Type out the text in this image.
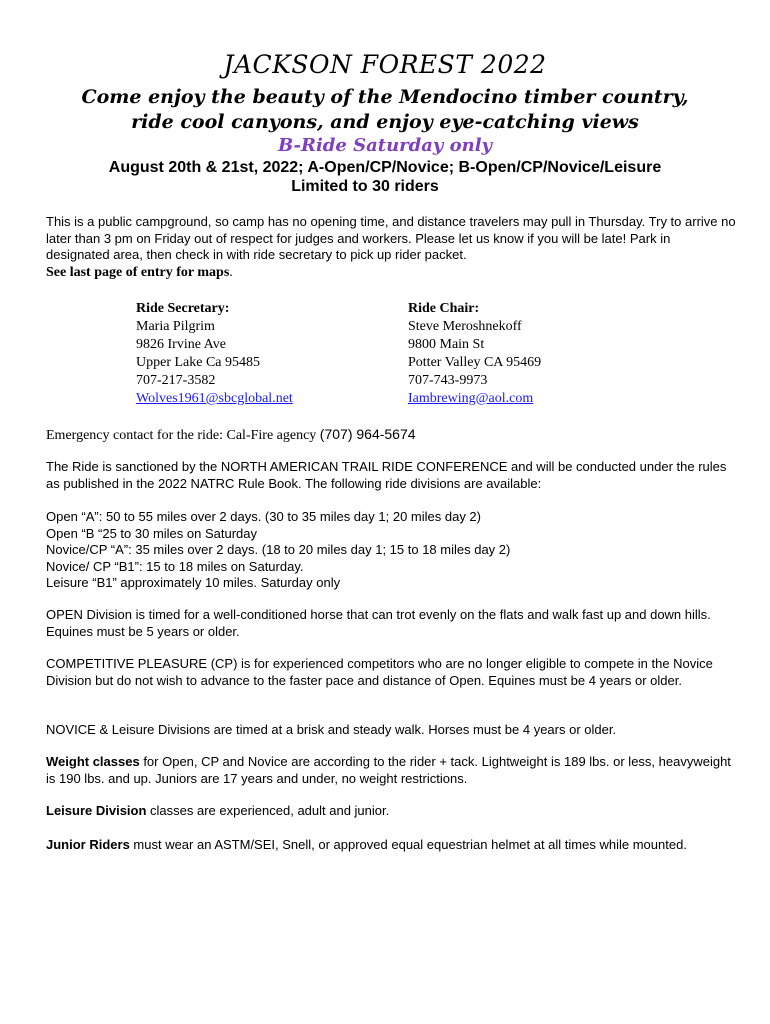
JACKSON FOREST 2022
Come enjoy the beauty of the Mendocino timber country, ride cool canyons, and enjoy eye-catching views
B-Ride Saturday only
August 20th & 21st, 2022; A-Open/CP/Novice; B-Open/CP/Novice/Leisure
Limited to 30 riders
This is a public campground, so camp has no opening time, and distance travelers may pull in Thursday. Try to arrive no later than 3 pm on Friday out of respect for judges and workers. Please let us know if you will be late! Park in designated area, then check in with ride secretary to pick up rider packet.
See last page of entry for maps.
Ride Secretary:
Maria Pilgrim
9826 Irvine Ave
Upper Lake Ca 95485
707-217-3582
Wolves1961@sbcglobal.net
Ride Chair:
Steve Meroshnekoff
9800 Main St
Potter Valley CA 95469
707-743-9973
Iambrewing@aol.com
Emergency contact for the ride: Cal-Fire agency (707) 964-5674
The Ride is sanctioned by the NORTH AMERICAN TRAIL RIDE CONFERENCE and will be conducted under the rules as published in the 2022 NATRC Rule Book. The following ride divisions are available:
Open “A”: 50 to 55 miles over 2 days. (30 to 35 miles day 1; 20 miles day 2)
Open “B “25 to 30 miles on Saturday
Novice/CP “A”: 35 miles over 2 days. (18 to 20 miles day 1; 15 to 18 miles day 2)
Novice/ CP “B1”: 15 to 18 miles on Saturday.
Leisure “B1” approximately 10 miles. Saturday only
OPEN Division is timed for a well-conditioned horse that can trot evenly on the flats and walk fast up and down hills. Equines must be 5 years or older.
COMPETITIVE PLEASURE (CP) is for experienced competitors who are no longer eligible to compete in the Novice Division but do not wish to advance to the faster pace and distance of Open. Equines must be 4 years or older.
NOVICE & Leisure Divisions are timed at a brisk and steady walk. Horses must be 4 years or older.
Weight classes for Open, CP and Novice are according to the rider + tack. Lightweight is 189 lbs. or less, heavyweight is 190 lbs. and up. Juniors are 17 years and under, no weight restrictions.
Leisure Division classes are experienced, adult and junior.
Junior Riders must wear an ASTM/SEI, Snell, or approved equal equestrian helmet at all times while mounted.
